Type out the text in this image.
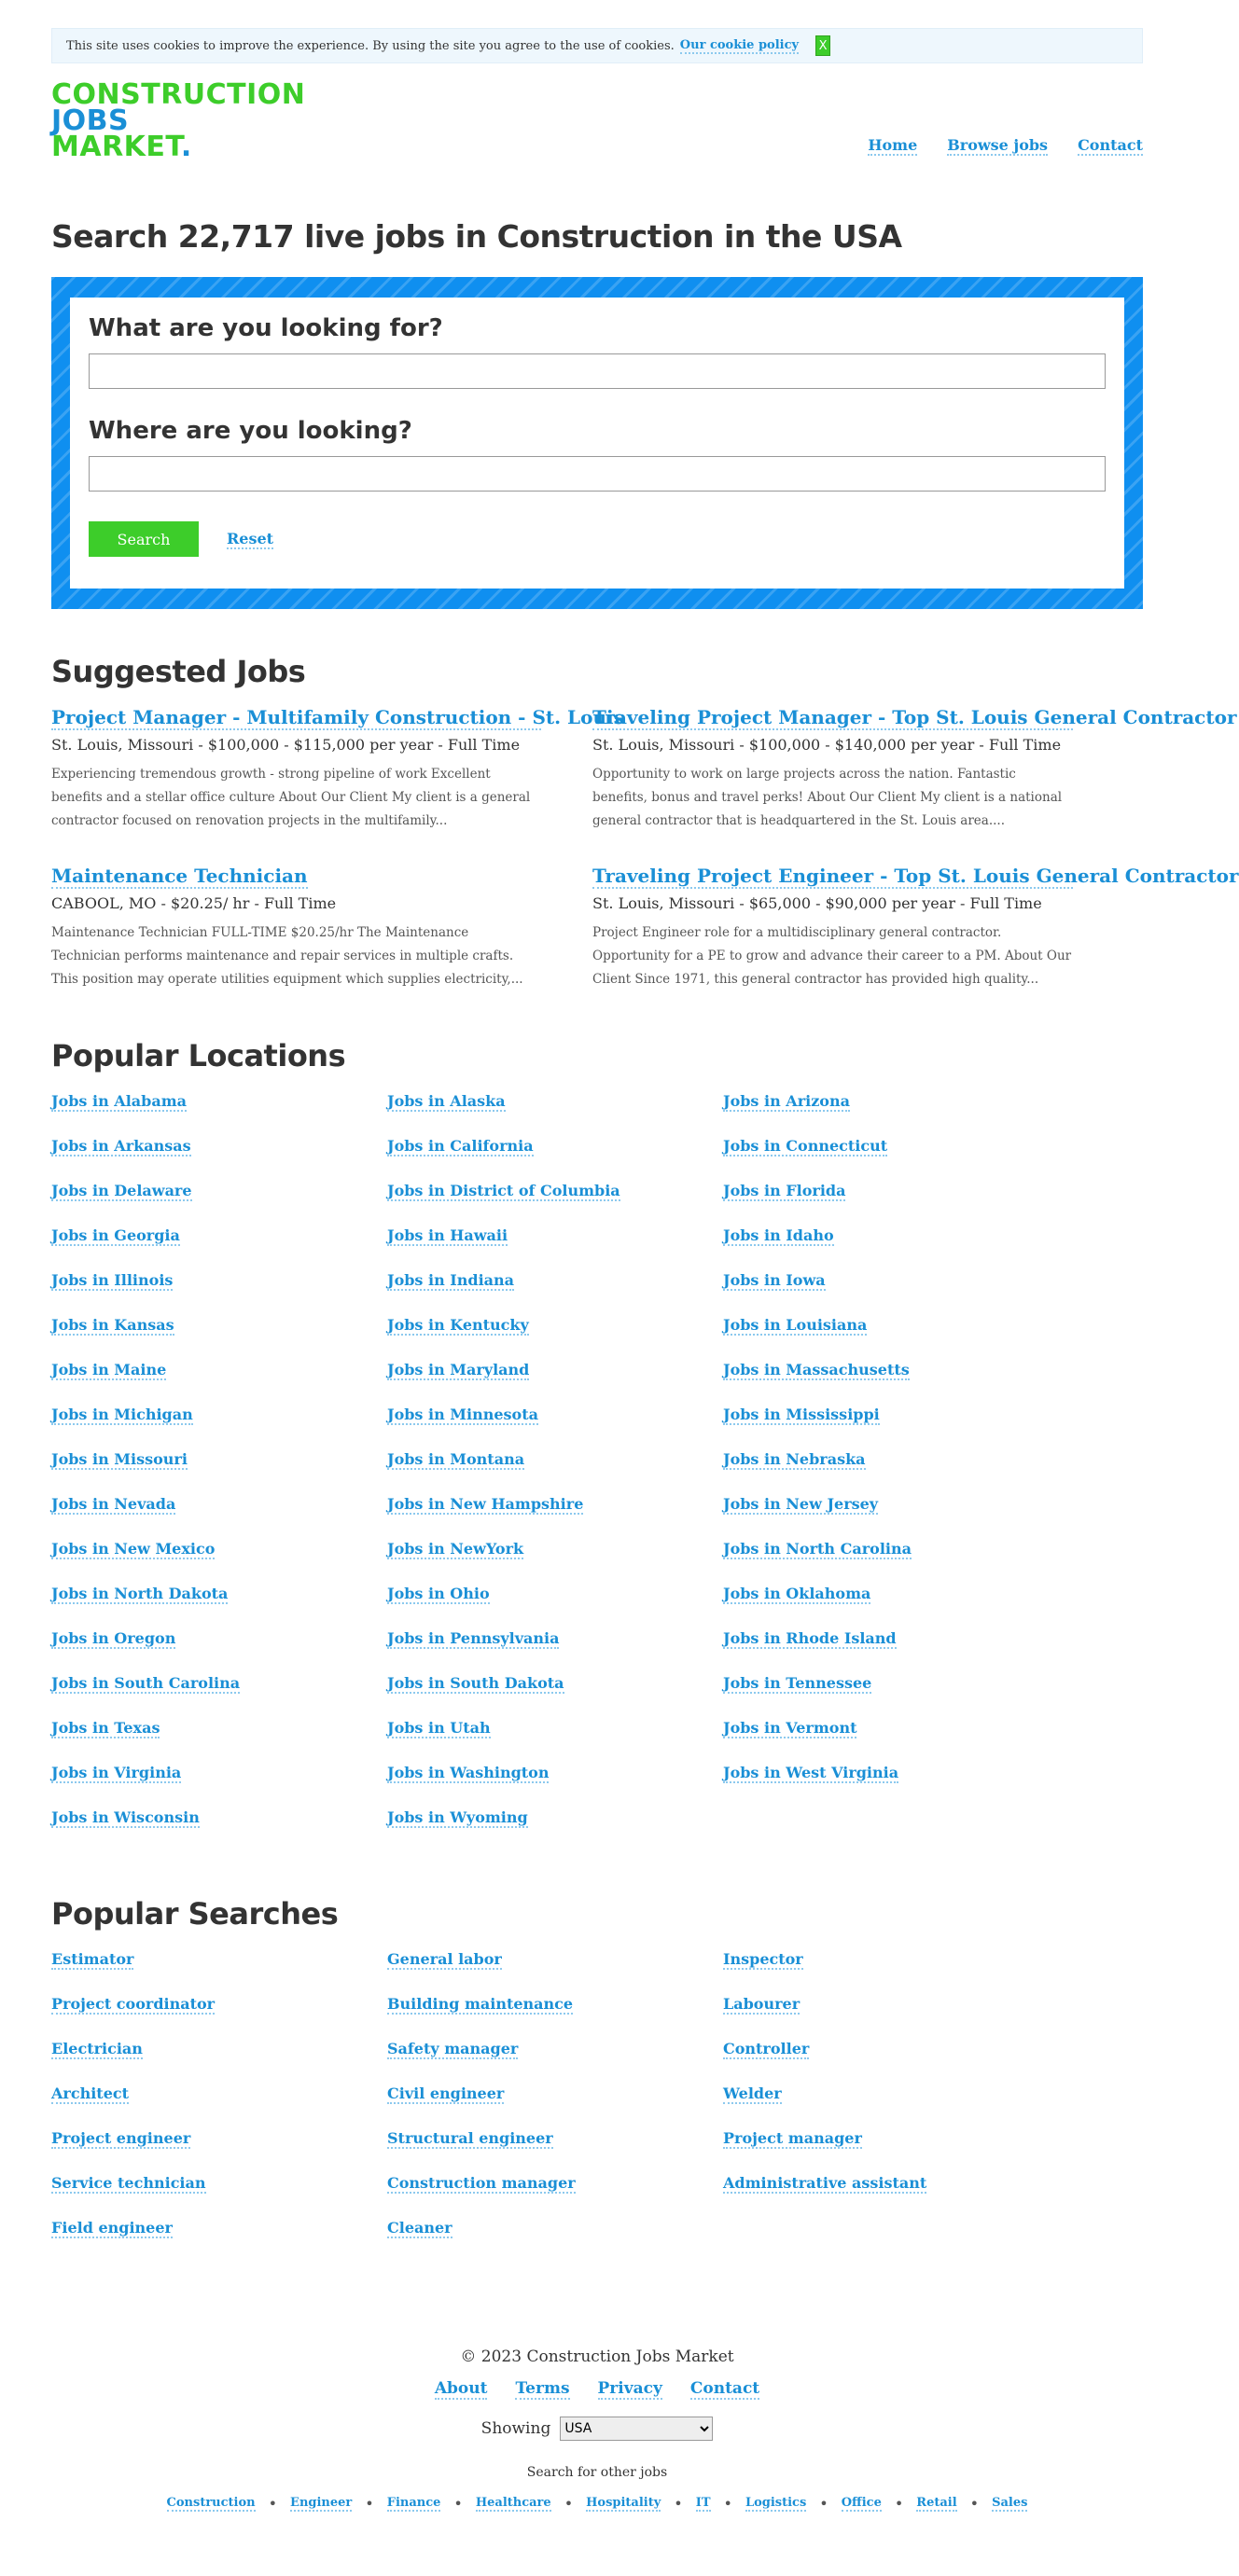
This site uses cookies to improve the experience. By using the site you agree to the use of cookies. Our cookie policy X
CONSTRUCTION
JOBS
MARKET.	Home Browse jobs Contact
Search 22,717 live jobs in Construction in the USA
What are you looking for?
Where are you looking?
Search	Reset
Suggested Jobs
Project Manager - Multifamily Construction - St. Louis
St. Louis, Missouri - $100,000 - $115,000 per year - Full Time
Experiencing tremendous growth - strong pipeline of work Excellent benefits and a stellar office culture About Our Client My client is a general contractor focused on renovation projects in the multifamily...
Traveling Project Manager - Top St. Louis General Contractor
St. Louis, Missouri - $100,000 - $140,000 per year - Full Time
Opportunity to work on large projects across the nation. Fantastic benefits, bonus and travel perks! About Our Client My client is a national general contractor that is headquartered in the St. Louis area....
Maintenance Technician
CABOOL, MO - $20.25/ hr - Full Time
Maintenance Technician FULL-TIME $20.25/hr The Maintenance Technician performs maintenance and repair services in multiple crafts. This position may operate utilities equipment which supplies electricity,...
Traveling Project Engineer - Top St. Louis General Contractor
St. Louis, Missouri - $65,000 - $90,000 per year - Full Time
Project Engineer role for a multidisciplinary general contractor. Opportunity for a PE to grow and advance their career to a PM. About Our Client Since 1971, this general contractor has provided high quality...
Popular Locations
Jobs in Alabama	Jobs in Alaska	Jobs in Arizona
Jobs in Arkansas	Jobs in California	Jobs in Connecticut
Jobs in Delaware	Jobs in District of Columbia	Jobs in Florida
Jobs in Georgia	Jobs in Hawaii	Jobs in Idaho
Jobs in Illinois	Jobs in Indiana	Jobs in Iowa
Jobs in Kansas	Jobs in Kentucky	Jobs in Louisiana
Jobs in Maine	Jobs in Maryland	Jobs in Massachusetts
Jobs in Michigan	Jobs in Minnesota	Jobs in Mississippi
Jobs in Missouri	Jobs in Montana	Jobs in Nebraska
Jobs in Nevada	Jobs in New Hampshire	Jobs in New Jersey
Jobs in New Mexico	Jobs in NewYork	Jobs in North Carolina
Jobs in North Dakota	Jobs in Ohio	Jobs in Oklahoma
Jobs in Oregon	Jobs in Pennsylvania	Jobs in Rhode Island
Jobs in South Carolina	Jobs in South Dakota	Jobs in Tennessee
Jobs in Texas	Jobs in Utah	Jobs in Vermont
Jobs in Virginia	Jobs in Washington	Jobs in West Virginia
Jobs in Wisconsin	Jobs in Wyoming
Popular Searches
Estimator	General labor	Inspector
Project coordinator	Building maintenance	Labourer
Electrician	Safety manager	Controller
Architect	Civil engineer	Welder
Project engineer	Structural engineer	Project manager
Service technician	Construction manager	Administrative assistant
Field engineer	Cleaner
© 2023 Construction Jobs Market
About Terms Privacy Contact
Showing
USA
Search for other jobs
Construction • Engineer • Finance • Healthcare • Hospitality • IT • Logistics • Office • Retail • Sales
